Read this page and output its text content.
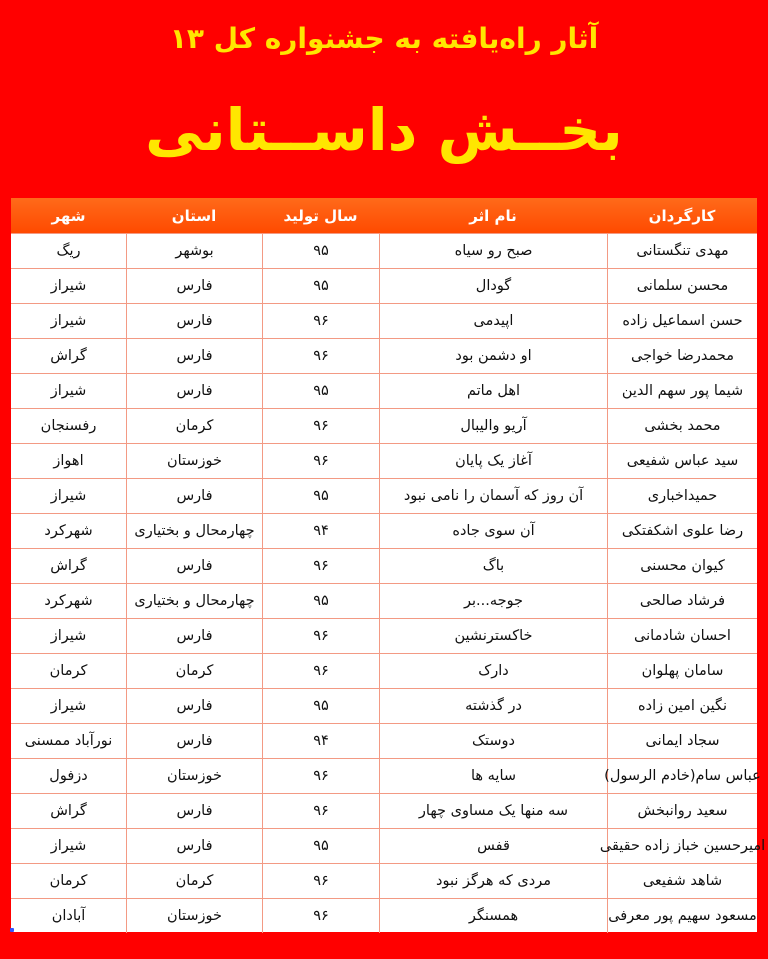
آثار راه‌یافته به جشنواره کل ۱۳
بخــش داســتانی
کارگردان
نام اثر
سال تولید
استان
شهر
مهدی تنگستانی
صبح رو سیاه
۹۵
بوشهر
ریگ
محسن سلمانی
گودال
۹۵
فارس
شیراز
حسن اسماعیل زاده
اپیدمی
۹۶
فارس
شیراز
محمدرضا خواجی
او دشمن بود
۹۶
فارس
گراش
شیما پور سهم الدین
اهل ماتم
۹۵
فارس
شیراز
محمد بخشی
آریو والیبال
۹۶
کرمان
رفسنجان
سید عباس شفیعی
آغاز یک پایان
۹۶
خوزستان
اهواز
حمیداخباری
آن روز که آسمان را نامی نبود
۹۵
فارس
شیراز
رضا علوی اشکفتکی
آن سوی جاده
۹۴
چهارمحال و بختیاری
شهرکرد
کیوان محسنی
باگ
۹۶
فارس
گراش
فرشاد صالحی
جوجه...بر
۹۵
چهارمحال و بختیاری
شهرکرد
احسان شادمانی
خاکسترنشین
۹۶
فارس
شیراز
سامان پهلوان
دارک
۹۶
کرمان
کرمان
نگین امین زاده
در گذشته
۹۵
فارس
شیراز
سجاد ایمانی
دوستک
۹۴
فارس
نورآباد ممسنی
عباس سام(خادم الرسول)
سایه ها
۹۶
خوزستان
دزفول
سعید روانبخش
سه منها یک مساوی چهار
۹۶
فارس
گراش
امیرحسین خباز زاده حقیقی
قفس
۹۵
فارس
شیراز
شاهد شفیعی
مردی که هرگز نبود
۹۶
کرمان
کرمان
مسعود سهیم پور معرفی
همسنگر
۹۶
خوزستان
آبادان
